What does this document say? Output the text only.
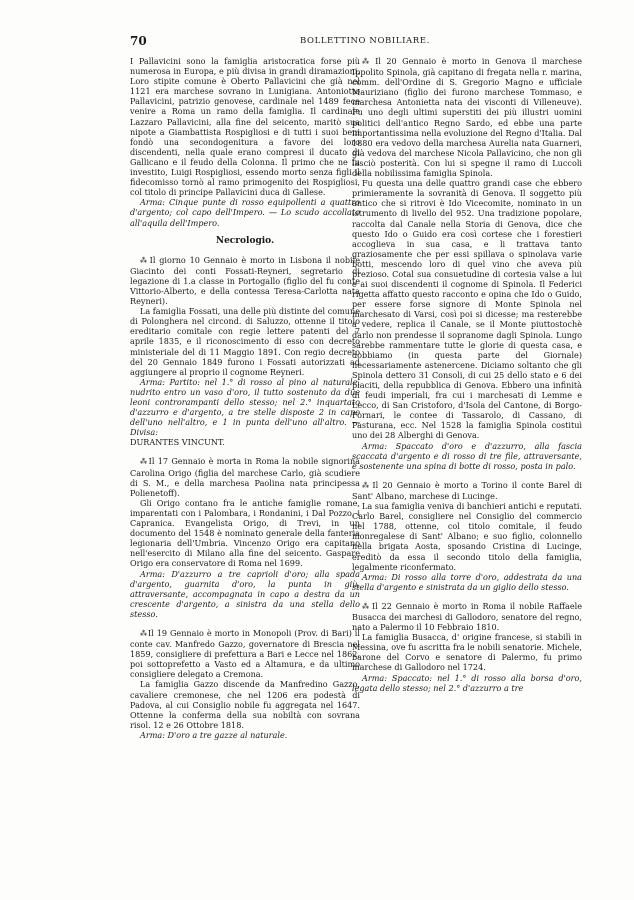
70	BOLLETTINO NOBILIARE.

I Pallavicini sono la famiglia aristocratica forse più numerosa in Europa, e più divisa in grandi diramazioni. Loro stipite comune è Oberto Pallavicini che già nel 1121 era marchese sovrano in Lunigiana. Antoniotto Pallavicini, patrizio genovese, cardinale nel 1489 fece venire a Roma un ramo della famiglia. Il cardinale Lazzaro Pallavicini, alla fine del seicento, maritò sua nipote a Giambattista Rospigliosi e di tutti i suoi beni fondò una secondogenitura a favore dei loro discendenti, nella quale erano compresi il ducato di Gallicano e il feudo della Colonna. Il primo che ne fu investito, Luigi Rospigliosi, essendo morto senza figli il fidecomisso tornò al ramo primogenito dei Rospigliosi, col titolo di principe Pallavicini duca di Gallese.

Arma: Cinque punte di rosso equipollenti a quattro d'argento; col capo dell'Impero. — Lo scudo accollato all'aquila dell'Impero.

Necrologio.

⁂ Il giorno 10 Gennaio è morto in Lisbona il nobile Giacinto dei conti Fossati-Reyneri, segretario di legazione di 1.a classe in Portogallo (figlio del fu conte Vittorio-Alberto, e della contessa Teresa-Carlotta nata Reyneri).

La famiglia Fossati, una delle più distinte del comune di Polonghera nel circond. di Saluzzo, ottenne il titolo ereditario comitale con regie lettere patenti del 7 aprile 1835, e il riconoscimento di esso con decreto ministeriale del di 11 Maggio 1891. Con regio decreto del 20 Gennaio 1849 furono i Fossati autorizzati ad aggiungere al proprio il cognome Reyneri.

Arma: Partito: nel 1.° di rosso al pino al naturale, nudrito entro un vaso d'oro, il tutto sostenuto da due leoni controrampanti dello stesso; nel 2.° inquartato d'azzurro e d'argento, a tre stelle disposte 2 in capo dell'uno nell'altro, e 1 in punta dell'uno all'altro. — Divisa:

DURANTES VINCUNT.

⁂ Il 17 Gennaio è morta in Roma la nobile signorina Carolina Origo (figlia del marchese Carlo, già scudiere di S. M., e della marchesa Paolina nata principessa Polienetoff).

Gli Origo contano fra le antiche famiglie romane, imparentati con i Palombara, i Rondanini, i Dal Pozzo, i Capranica. Evangelista Origo, di Trevi, in un documento del 1548 è nominato generale della fanteria legionaria dell'Umbria. Vincenzo Origo era capitano nell'esercito di Milano alla fine del seicento. Gaspare Origo era conservatore di Roma nel 1699.

Arma: D'azzurro a tre caprioli d'oro; alla spada d'argento, guarnita d'oro, la punta in giù, attraversante, accompagnata in capo a destra da un crescente d'argento, a sinistra da una stella dello stesso.

⁂ Il 19 Gennaio è morto in Monopoli (Prov. di Bari) il conte cav. Manfredo Gazzo, governatore di Brescia nel 1859, consigliere di prefettura a Bari e Lecce nel 1862, poi sottoprefetto a Vasto ed a Altamura, e da ultimo consigliere delegato a Cremona.

La famiglia Gazzo discende da Manfredino Gazzo, cavaliere cremonese, che nel 1206 era podestà di Padova, al cui Consiglio nobile fu aggregata nel 1647. Ottenne la conferma della sua nobiltà con sovrana risol. 12 e 26 Ottobre 1818.

Arma: D'oro a tre gazze al naturale.

⁂ Il 20 Gennaio è morto in Genova il marchese Ippolito Spinola, già capitano di fregata nella r. marina, comm. dell'Ordine di S. Gregorio Magno e ufficiale Mauriziano (figlio dei furono marchese Tommaso, e marchesa Antonietta nata dei visconti di Villeneuve). Fu uno degli ultimi superstiti dei più illustri uomini politici dell'antico Regno Sardo, ed ebbe una parte importantissima nella evoluzione del Regno d'Italia. Dal 1880 era vedovo della marchesa Aurelia nata Guarneri, già vedova del marchese Nicola Pallavicino, che non gli lasciò posterità. Con lui si spegne il ramo di Luccoli della nobilissima famiglia Spinola.

Fu questa una delle quattro grandi case che ebbero primieramente la sovranità di Genova. Il soggetto più antico che si ritrovi è Ido Vicecomite, nominato in un istrumento di livello del 952. Una tradizione popolare, raccolta dal Canale nella Storia di Genova, dice che questo Ido o Guido era così cortese che i forestieri accoglieva in sua casa, e li trattava tanto graziosamente che per essi spillava o spinolava varie botti, mescendo loro di quel vino che aveva più prezioso. Cotal sua consuetudine di cortesia valse a lui e ai suoi discendenti il cognome di Spinola. Il Federici rigetta affatto questo racconto e opina che Ido o Guido, per essere forse signore di Monte Spinola nel marchesato di Varsi, così poi si dicesse; ma resterebbe a vedere, replica il Canale, se il Monte piuttostochè darlo non prendesse il sopranome dagli Spinola. Lungo sarebbe rammentare tutte le glorie di questa casa, e dobbiamo (in questa parte del Giornale) necessariamente astenercene. Diciamo soltanto che gli Spinola dettero 31 Consoli, di cui 25 dello stato e 6 dei placiti, della repubblica di Genova. Ebbero una infinità di feudi imperiali, fra cui i marchesati di Lemme e Lecco, di San Cristoforo, d'Isola del Cantone, di Borgo-Fornari, le contee di Tassarolo, di Cassano, di Pasturana, ecc. Nel 1528 la famiglia Spinola costituì uno dei 28 Alberghi di Genova.

Arma: Spaccato d'oro e d'azzurro, alla fascia scaccata d'argento e di rosso di tre file, attraversante, e sostenente una spina di botte di rosso, posta in palo.

⁂ Il 20 Gennaio è morto a Torino il conte Barel di Sant' Albano, marchese di Lucinge.

La sua famiglia veniva di banchieri antichi e reputati. Carlo Barel, consigliere nel Consiglio del commercio nel 1788, ottenne, col titolo comitale, il feudo monregalese di Sant' Albano; e suo figlio, colonnello nella brigata Aosta, sposando Cristina di Lucinge, ereditò da essa il secondo titolo della famiglia, legalmente riconfermato.

Arma: Di rosso alla torre d'oro, addestrata da una stella d'argento e sinistrata da un giglio dello stesso.

⁂ Il 22 Gennaio è morto in Roma il nobile Raffaele Busacca dei marchesi di Gallodoro, senatore del regno, nato a Palermo il 10 Febbraio 1810.

La famiglia Busacca, d' origine francese, si stabilì in Messina, ove fu ascritta fra le nobili senatorie. Michele, barone del Corvo e senatore di Palermo, fu primo marchese di Gallodoro nel 1724.

Arma: Spaccato: nel 1.° di rosso alla borsa d'oro, legata dello stesso; nel 2.° d'azzurro a tre
